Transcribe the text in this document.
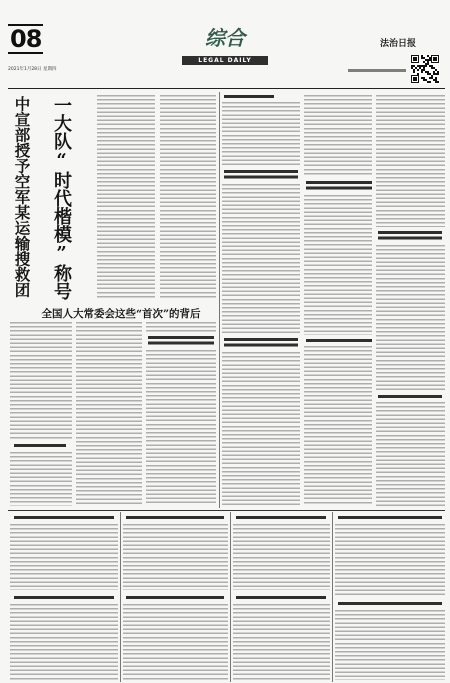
08
2021年1月28日 星期四
综合
LEGAL DAILY
法治日报
中宣部授予空军某运输搜救团 一大队“时代楷模”称号
全国人大常委会这些“首次”的背后
